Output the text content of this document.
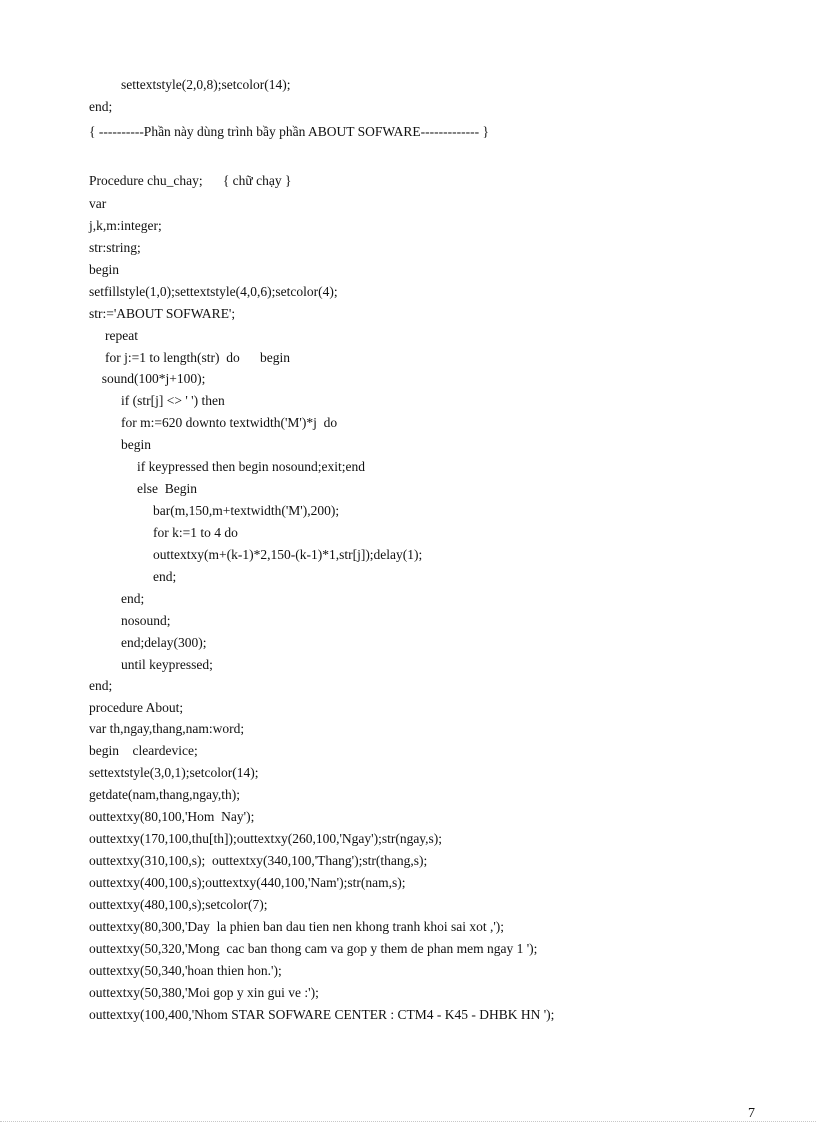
settextstyle(2,0,8);setcolor(14);
end;
{ ----------Phần này dùng trình bầy phần ABOUT SOFWARE------------- }
Procedure chu_chay;      { chữ chạy }
var
j,k,m:integer;
str:string;
begin
setfillstyle(1,0);settextstyle(4,0,6);setcolor(4);
str:='ABOUT SOFWARE';
repeat
for j:=1 to length(str)  do      begin
sound(100*j+100);
if (str[j] <> ' ') then
for m:=620 downto textwidth('M')*j  do
begin
if keypressed then begin nosound;exit;end
else  Begin
bar(m,150,m+textwidth('M'),200);
for k:=1 to 4 do
outtextxy(m+(k-1)*2,150-(k-1)*1,str[j]);delay(1);
end;
end;
nosound;
end;delay(300);
until keypressed;
end;
procedure About;
var th,ngay,thang,nam:word;
begin    cleardevice;
settextstyle(3,0,1);setcolor(14);
getdate(nam,thang,ngay,th);
outtextxy(80,100,'Hom  Nay');
outtextxy(170,100,thu[th]);outtextxy(260,100,'Ngay');str(ngay,s);
outtextxy(310,100,s);  outtextxy(340,100,'Thang');str(thang,s);
outtextxy(400,100,s);outtextxy(440,100,'Nam');str(nam,s);
outtextxy(480,100,s);setcolor(7);
outtextxy(80,300,'Day  la phien ban dau tien nen khong tranh khoi sai xot ,');
outtextxy(50,320,'Mong  cac ban thong cam va gop y them de phan mem ngay 1 ');
outtextxy(50,340,'hoan thien hon.');
outtextxy(50,380,'Moi gop y xin gui ve :');
outtextxy(100,400,'Nhom STAR SOFWARE CENTER : CTM4 - K45 - DHBK HN ');
7
